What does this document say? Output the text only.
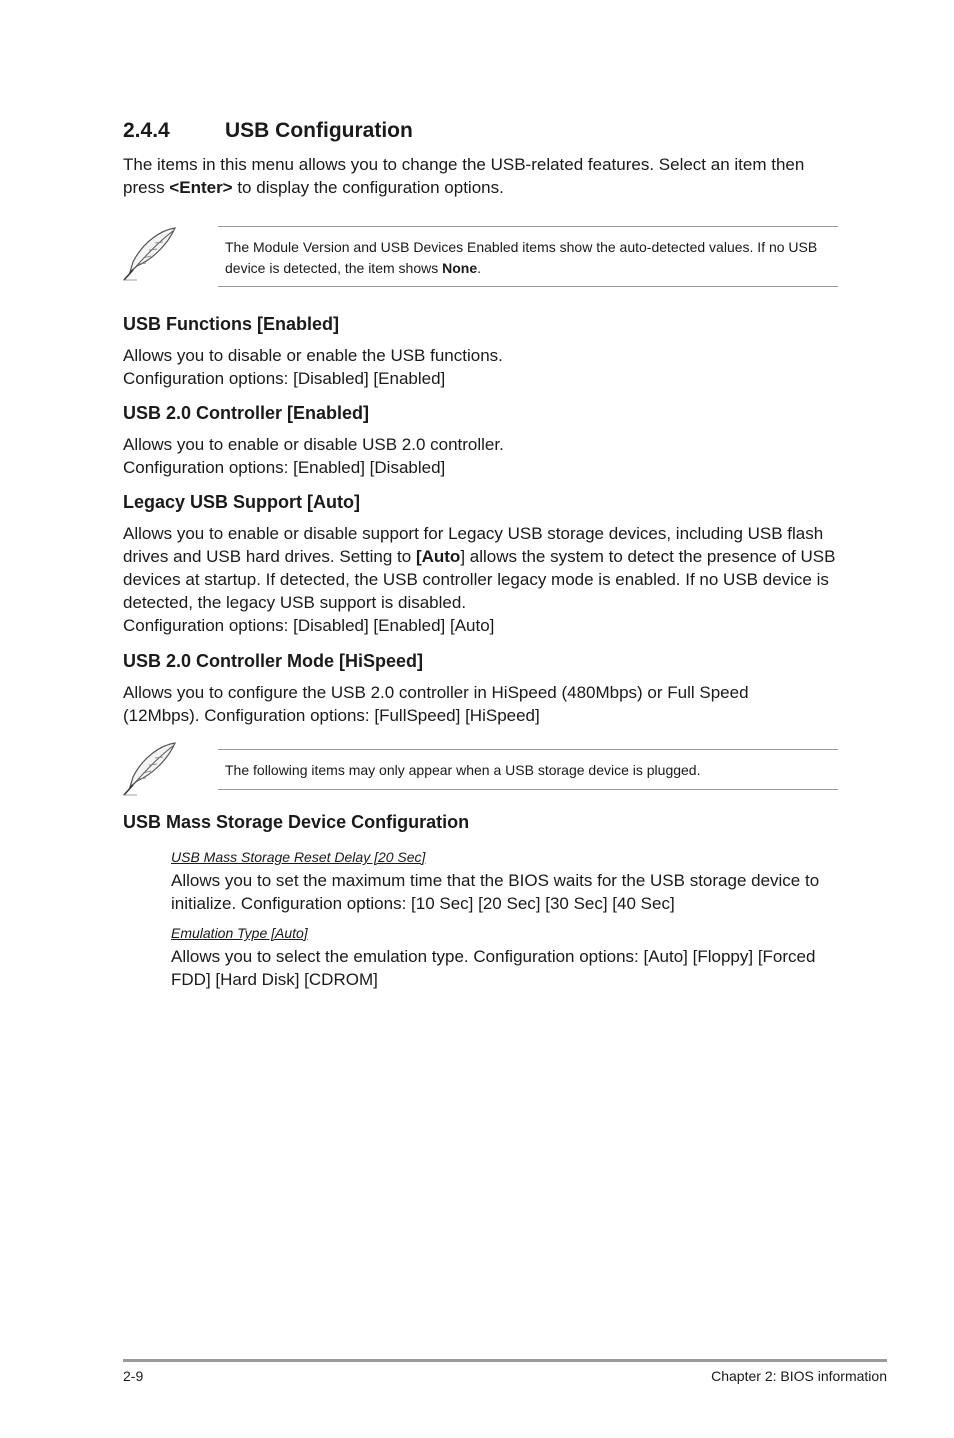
2.4.4	USB Configuration

The items in this menu allows you to change the USB-related features. Select an item then press <Enter> to display the configuration options.

The Module Version and USB Devices Enabled items show the auto-detected values. If no USB device is detected, the item shows None.
USB Functions [Enabled]

Allows you to disable or enable the USB functions.
Configuration options: [Disabled] [Enabled]

USB 2.0 Controller [Enabled]

Allows you to enable or disable USB 2.0 controller.
Configuration options: [Enabled] [Disabled]

Legacy USB Support [Auto]

Allows you to enable or disable support for Legacy USB storage devices, including USB flash drives and USB hard drives. Setting to [Auto] allows the system to detect the presence of USB devices at startup. If detected, the USB controller legacy mode is enabled. If no USB device is detected, the legacy USB support is disabled.
Configuration options: [Disabled] [Enabled] [Auto]

USB 2.0 Controller Mode [HiSpeed]

Allows you to configure the USB 2.0 controller in HiSpeed (480Mbps) or Full Speed (12Mbps). Configuration options: [FullSpeed] [HiSpeed]

The following items may only appear when a USB storage device is plugged.
USB Mass Storage Device Configuration

USB Mass Storage Reset Delay [20 Sec]

Allows you to set the maximum time that the BIOS waits for the USB storage device to initialize. Configuration options: [10 Sec] [20 Sec] [30 Sec] [40 Sec]

Emulation Type [Auto]

Allows you to select the emulation type. Configuration options: [Auto] [Floppy] [Forced FDD] [Hard Disk] [CDROM]

2-9	Chapter 2: BIOS information
